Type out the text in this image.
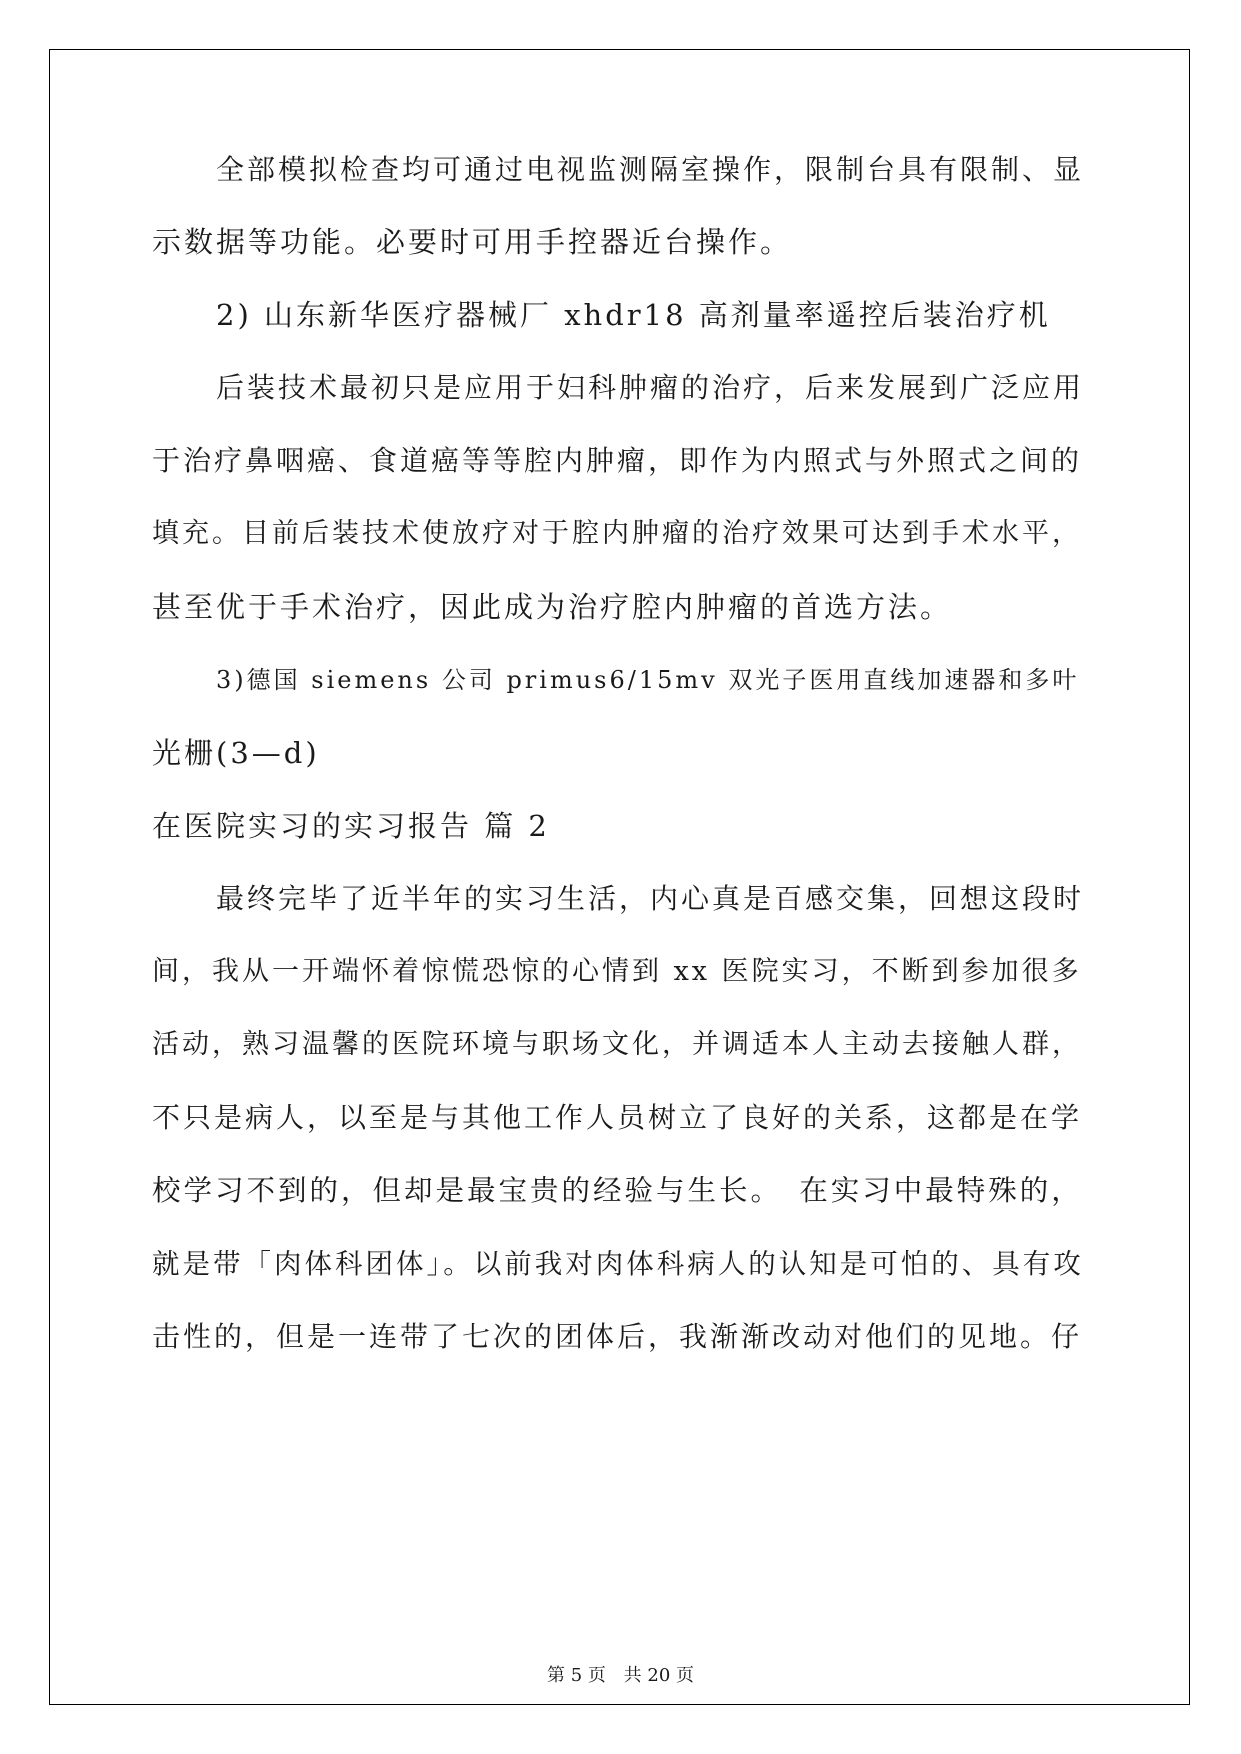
全部模拟检查均可通过电视监测隔室操作，限制台具有限制、显
示数据等功能。必要时可用手控器近台操作。
2) 山东新华医疗器械厂 xhdr18 高剂量率遥控后装治疗机
后装技术最初只是应用于妇科肿瘤的治疗，后来发展到广泛应用
于治疗鼻咽癌、食道癌等等腔内肿瘤，即作为内照式与外照式之间的
填充。目前后装技术使放疗对于腔内肿瘤的治疗效果可达到手术水平，
甚至优于手术治疗，因此成为治疗腔内肿瘤的首选方法。
3)德国 siemens 公司 primus6/15mv 双光子医用直线加速器和多叶
光栅(3—d)
在医院实习的实习报告 篇 2
最终完毕了近半年的实习生活，内心真是百感交集，回想这段时
间，我从一开端怀着惊慌恐惊的心情到 xx 医院实习，不断到参加很多
活动，熟习温馨的医院环境与职场文化，并调适本人主动去接触人群，
不只是病人，以至是与其他工作人员树立了良好的关系，这都是在学
校学习不到的，但却是最宝贵的经验与生长。　在实习中最特殊的，
就是带「肉体科团体」。以前我对肉体科病人的认知是可怕的、具有攻
击性的，但是一连带了七次的团体后，我渐渐改动对他们的见地。仔
第 5 页 共 20 页
